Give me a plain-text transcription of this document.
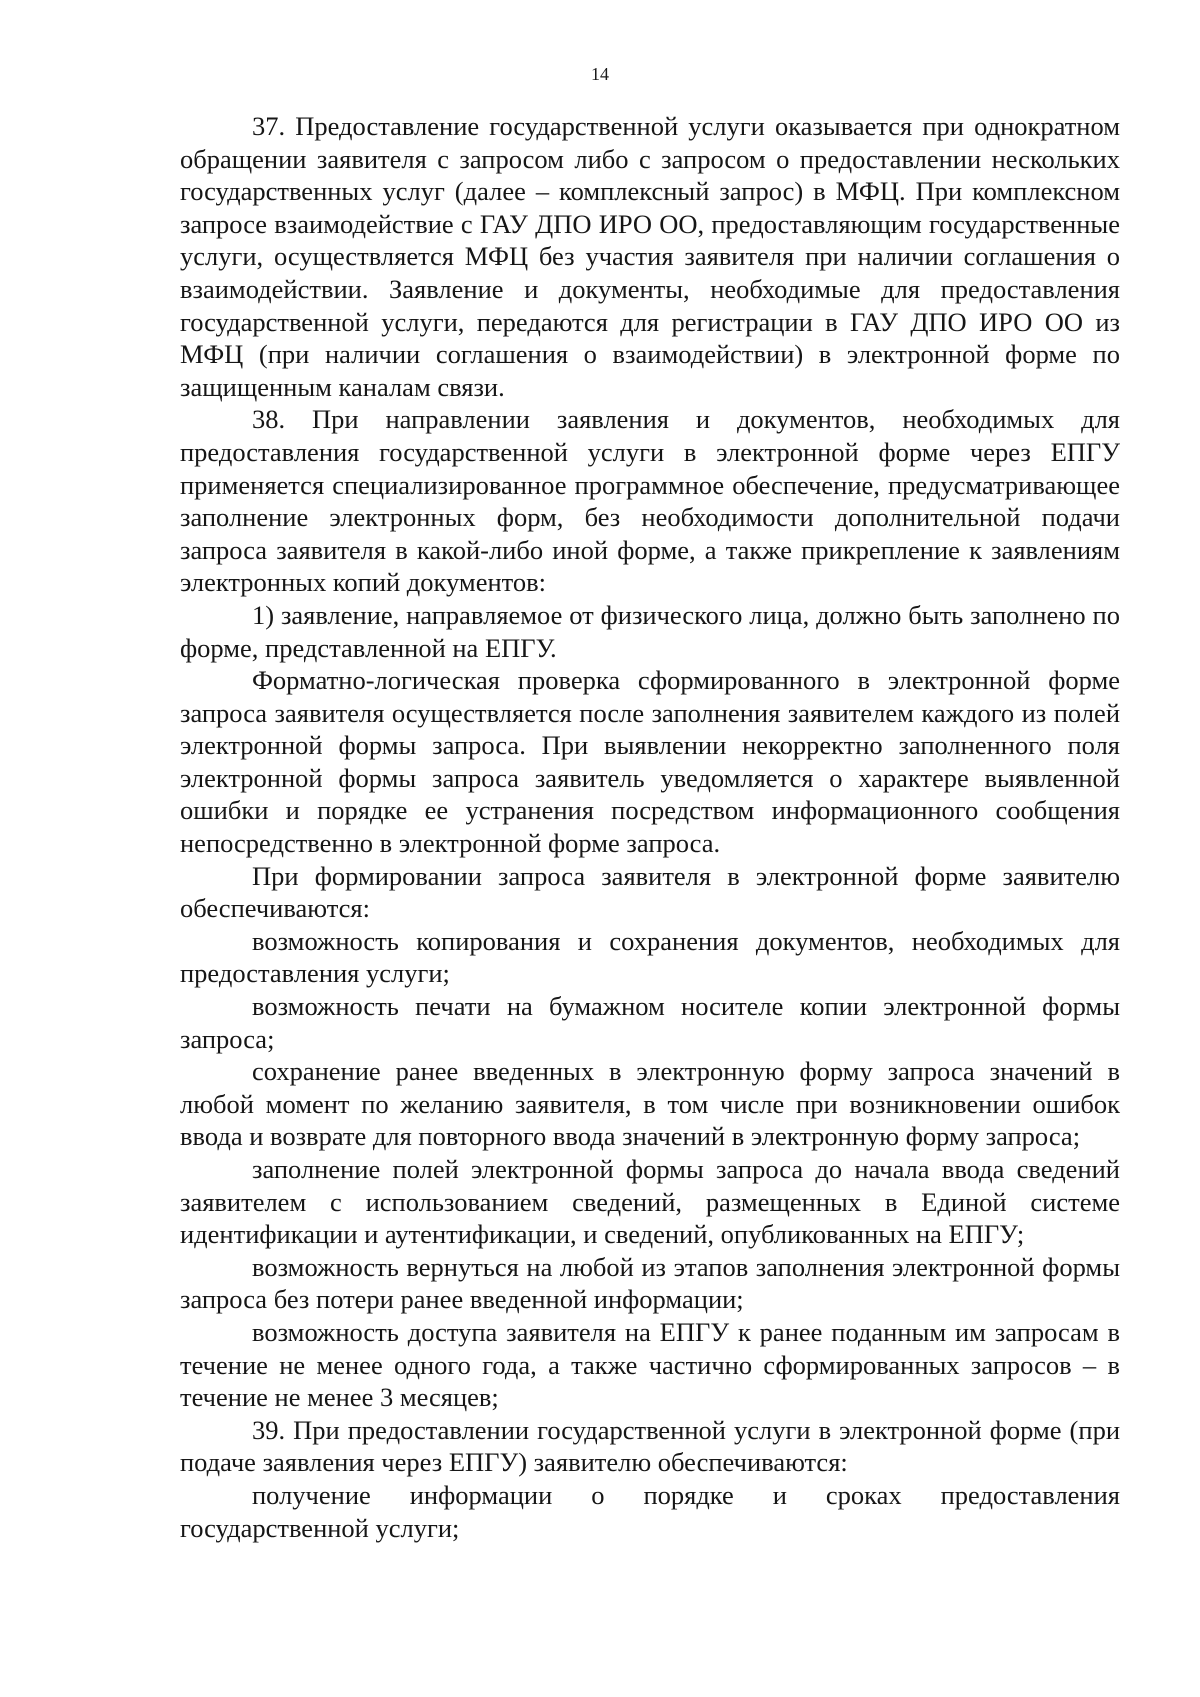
14

37. Предоставление государственной услуги оказывается при однократном обращении заявителя с запросом либо с запросом о предоставлении нескольких государственных услуг (далее – комплексный запрос) в МФЦ. При комплексном запросе взаимодействие с ГАУ ДПО ИРО ОО, предоставляющим государственные услуги, осуществляется МФЦ без участия заявителя при наличии соглашения о взаимодействии. Заявление и документы, необходимые для предоставления государственной услуги, передаются для регистрации в ГАУ ДПО ИРО ОО из МФЦ (при наличии соглашения о взаимодействии) в электронной форме по защищенным каналам связи.

38. При направлении заявления и документов, необходимых для предоставления государственной услуги в электронной форме через ЕПГУ применяется специализированное программное обеспечение, предусматривающее заполнение электронных форм, без необходимости дополнительной подачи запроса заявителя в какой-либо иной форме, а также прикрепление к заявлениям электронных копий документов:

1) заявление, направляемое от физического лица, должно быть заполнено по форме, представленной на ЕПГУ.

Форматно-логическая проверка сформированного в электронной форме запроса заявителя осуществляется после заполнения заявителем каждого из полей электронной формы запроса. При выявлении некорректно заполненного поля электронной формы запроса заявитель уведомляется о характере выявленной ошибки и порядке ее устранения посредством информационного сообщения непосредственно в электронной форме запроса.

При формировании запроса заявителя в электронной форме заявителю обеспечиваются:

возможность копирования и сохранения документов, необходимых для предоставления услуги;

возможность печати на бумажном носителе копии электронной формы запроса;

сохранение ранее введенных в электронную форму запроса значений в любой момент по желанию заявителя, в том числе при возникновении ошибок ввода и возврате для повторного ввода значений в электронную форму запроса;

заполнение полей электронной формы запроса до начала ввода сведений заявителем с использованием сведений, размещенных в Единой системе идентификации и аутентификации, и сведений, опубликованных на ЕПГУ;

возможность вернуться на любой из этапов заполнения электронной формы запроса без потери ранее введенной информации;

возможность доступа заявителя на ЕПГУ к ранее поданным им запросам в течение не менее одного года, а также частично сформированных запросов – в течение не менее 3 месяцев;

39. При предоставлении государственной услуги в электронной форме (при подаче заявления через ЕПГУ) заявителю обеспечиваются:

получение информации о порядке и сроках предоставления государственной услуги;
